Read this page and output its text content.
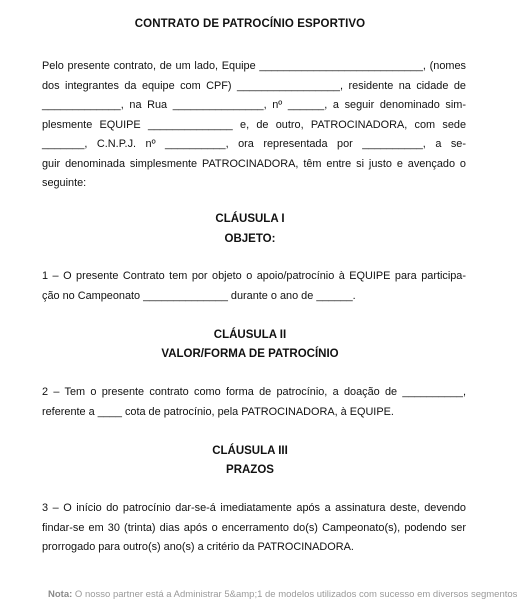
CONTRATO DE PATROCÍNIO ESPORTIVO

Pelo presente contrato, de um lado, Equipe ___________________________, (nomes
dos integrantes da equipe com CPF) _________________, residente na cidade de
_____________, na Rua _______________, nº ______, a seguir denominado sim-
plesmente EQUIPE ______________ e, de outro, PATROCINADORA, com sede
_______, C.N.P.J. nº __________, ora representada por __________, a se-
guir denominada simplesmente PATROCINADORA, têm entre si justo e avençado o
seguinte:

CLÁUSULA I
OBJETO:

1 – O presente Contrato tem por objeto o apoio/patrocínio à EQUIPE para participa-
ção no Campeonato ______________ durante o ano de ______.

CLÁUSULA II
VALOR/FORMA DE PATROCÍNIO

2 – Tem o presente contrato como forma de patrocínio, a doação de __________,
referente a ____ cota de patrocínio, pela PATROCINADORA, à EQUIPE.

CLÁUSULA III
PRAZOS

3 – O início do patrocínio dar-se-á imediatamente após a assinatura deste, devendo
findar-se em 30 (trinta) dias após o encerramento do(s) Campeonato(s), podendo ser
prorrogado para outro(s) ano(s) a critério da PATROCINADORA.

Nota: O nosso partner está a Administrar 5&amp;1 de modelos utilizados com sucesso em diversos segmentos
